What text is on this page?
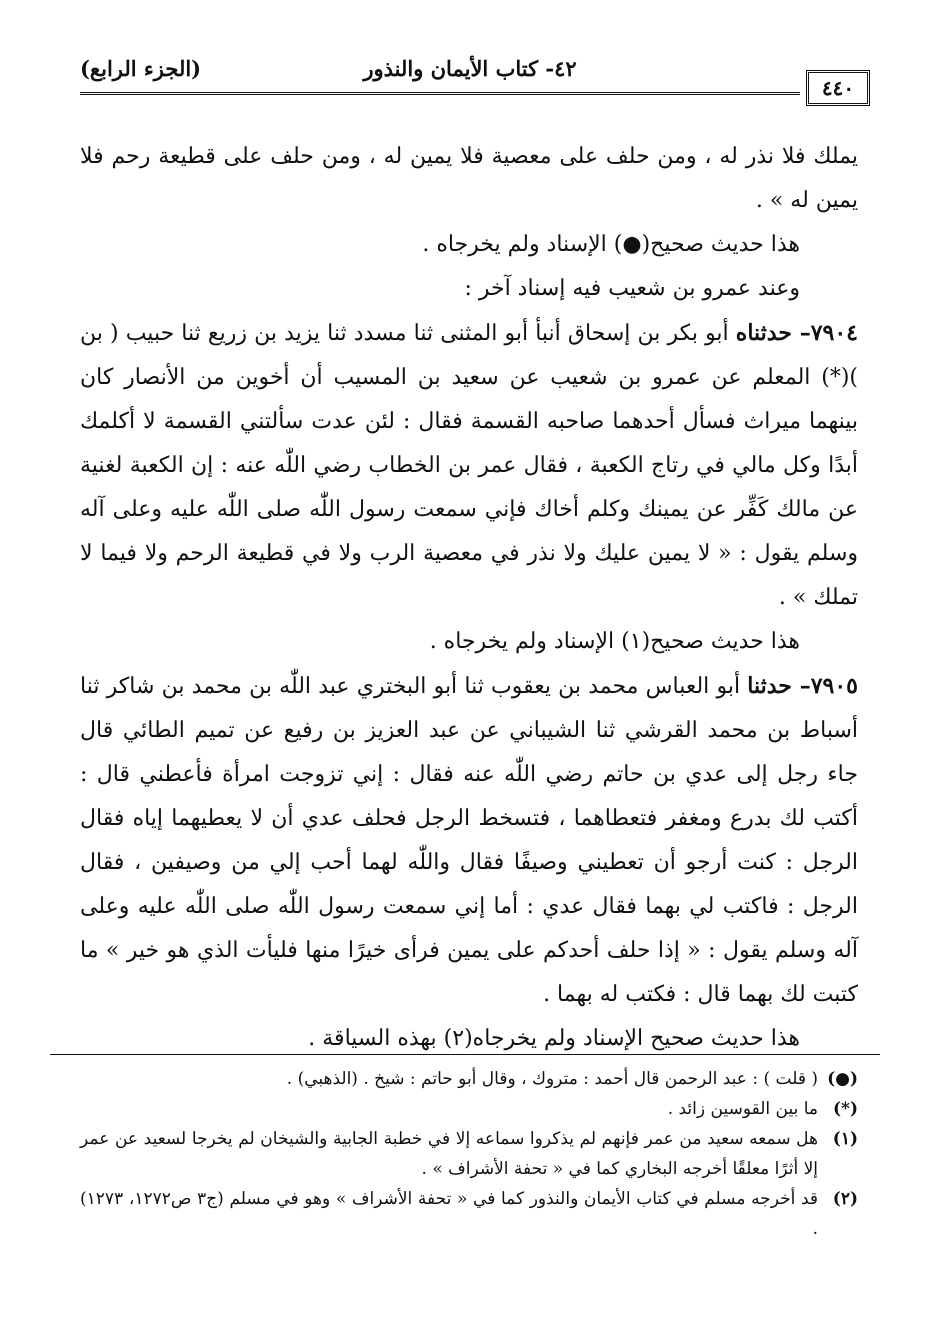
٤٤٠
٤٢- كتاب الأيمان والنذور
(الجزء الرابع)

يملك فلا نذر له ، ومن حلف على معصية فلا يمين له ، ومن حلف على قطيعة رحم فلا يمين له » .

هذا حديث صحيح(●) الإسناد ولم يخرجاه .

وعند عمرو بن شعيب فيه إسناد آخر :

٧٩٠٤– حدثناه أبو بكر بن إسحاق أنبأ أبو المثنى ثنا مسدد ثنا يزيد بن زريع ثنا حبيب ( بن )(*) المعلم عن عمرو بن شعيب عن سعيد بن المسيب أن أخوين من الأنصار كان بينهما ميراث فسأل أحدهما صاحبه القسمة فقال : لئن عدت سألتني القسمة لا أكلمك أبدًا وكل مالي في رتاج الكعبة ، فقال عمر بن الخطاب رضي اللّٰه عنه : إن الكعبة لغنية عن مالك كَفِّر عن يمينك وكلم أخاك فإني سمعت رسول اللّٰه صلى اللّٰه عليه وعلى آله وسلم يقول : « لا يمين عليك ولا نذر في معصية الرب ولا في قطيعة الرحم ولا فيما لا تملك » .

هذا حديث صحيح(١) الإسناد ولم يخرجاه .

٧٩٠٥– حدثنا أبو العباس محمد بن يعقوب ثنا أبو البختري عبد اللّٰه بن محمد بن شاكر ثنا أسباط بن محمد القرشي ثنا الشيباني عن عبد العزيز بن رفيع عن تميم الطائي قال جاء رجل إلى عدي بن حاتم رضي اللّٰه عنه فقال : إني تزوجت امرأة فأعطني قال : أكتب لك بدرع ومغفر فتعطاهما ، فتسخط الرجل فحلف عدي أن لا يعطيهما إياه فقال الرجل : كنت أرجو أن تعطيني وصيفًا فقال واللّٰه لهما أحب إلي من وصيفين ، فقال الرجل : فاكتب لي بهما فقال عدي : أما إني سمعت رسول اللّٰه صلى اللّٰه عليه وعلى آله وسلم يقول : « إذا حلف أحدكم على يمين فرأى خيرًا منها فليأت الذي هو خير » ما كتبت لك بهما قال : فكتب له بهما .

هذا حديث صحيح الإسناد ولم يخرجاه(٢) بهذه السياقة .

(●)
( قلت ) : عبد الرحمن قال أحمد : متروك ، وقال أبو حاتم : شيخ . (الذهبي) .
(*)
ما بين القوسين زائد .
(١)
هل سمعه سعيد من عمر فإنهم لم يذكروا سماعه إلا في خطبة الجابية والشيخان لم يخرجا لسعيد عن عمر إلا أثرًا معلقًا أخرجه البخاري كما في « تحفة الأشراف » .
(٢)
قد أخرجه مسلم في كتاب الأيمان والنذور كما في « تحفة الأشراف » وهو في مسلم (ج٣ ص١٢٧٢، ١٢٧٣) .
